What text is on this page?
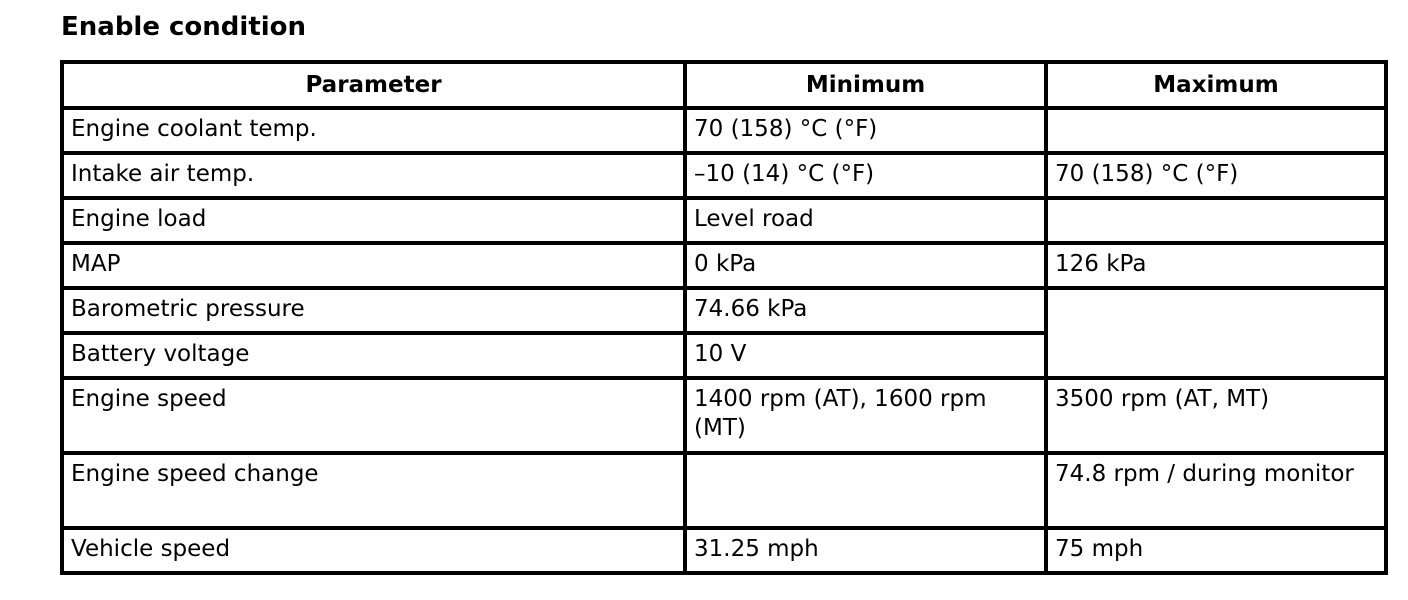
Enable condition
Parameter	Minimum	Maximum
Engine coolant temp.	70 (158) °C (°F)	
Intake air temp.	–10 (14) °C (°F)	70 (158) °C (°F)
Engine load	Level road	
MAP	0 kPa	126 kPa
Barometric pressure	74.66 kPa	
Battery voltage	10 V	
Engine speed	1400 rpm (AT), 1600 rpm (MT)	3500 rpm (AT, MT)
Engine speed change		74.8 rpm / during monitor
Vehicle speed	31.25 mph	75 mph
